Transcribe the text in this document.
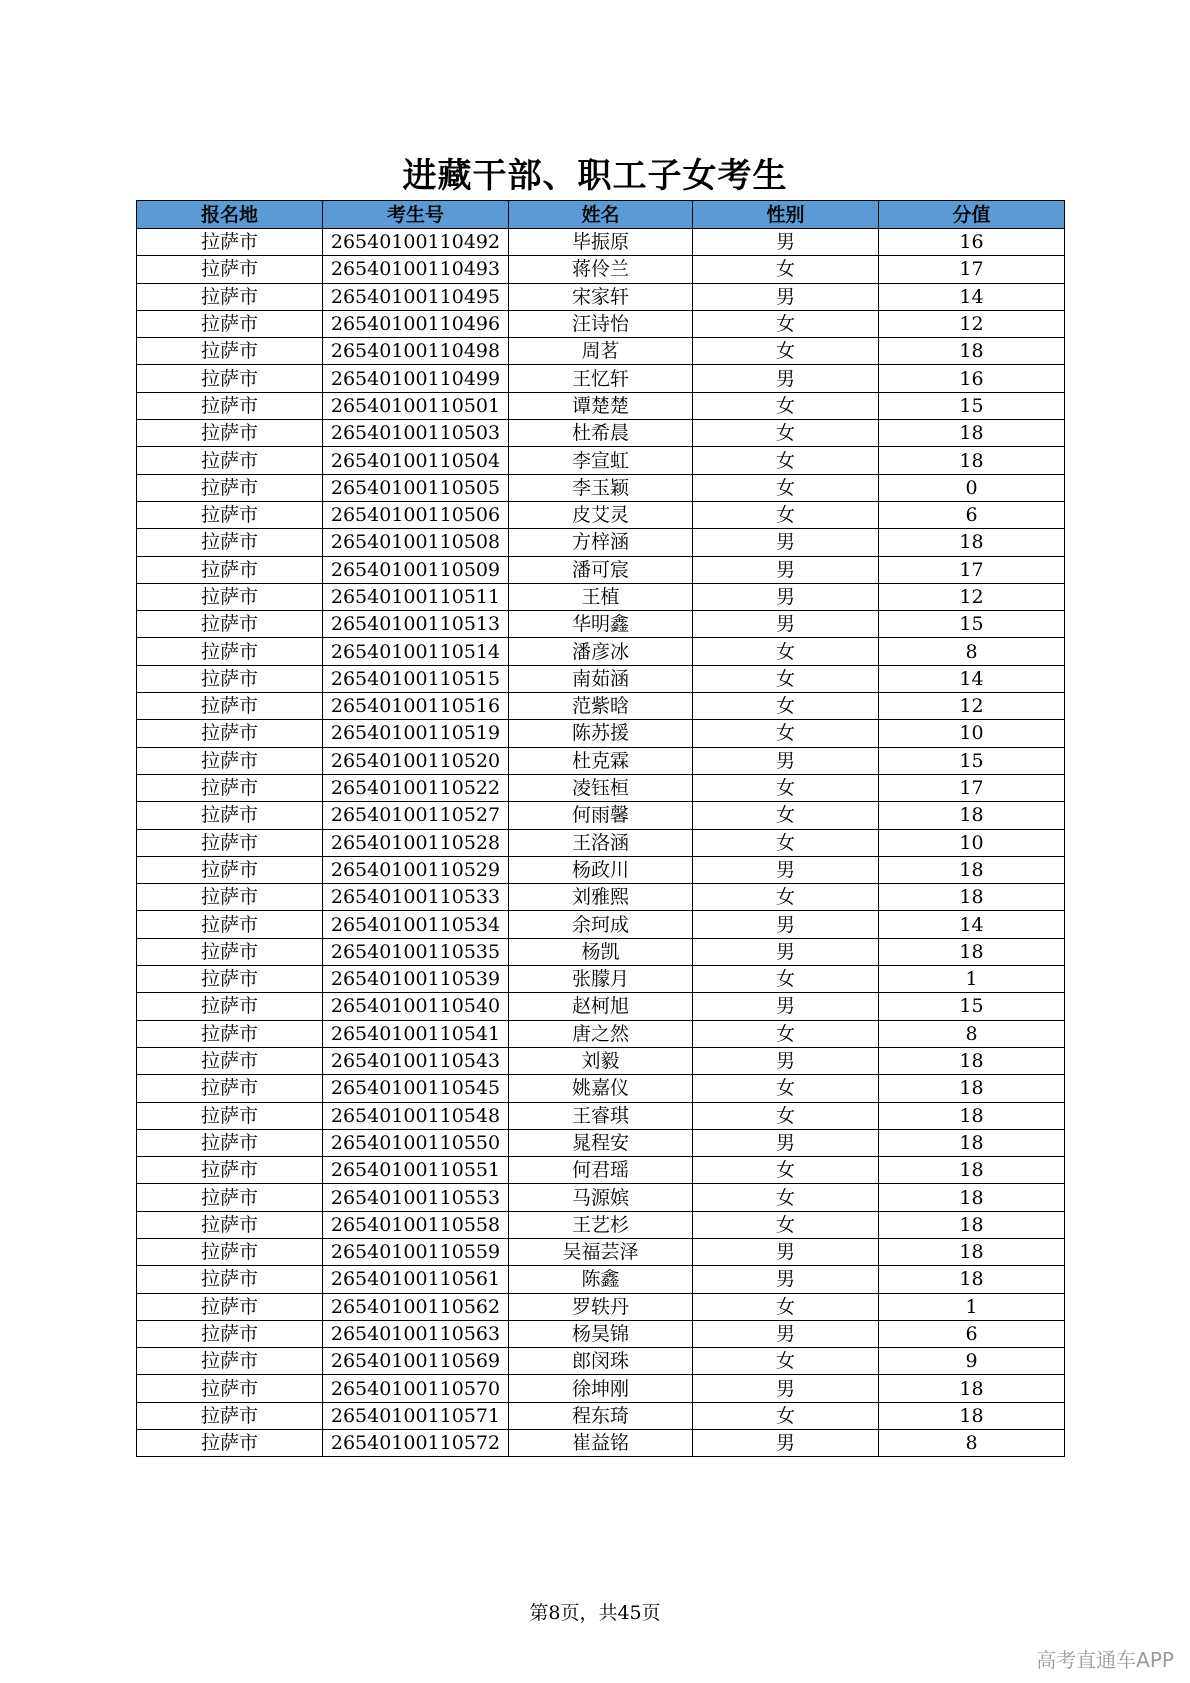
进藏干部、职工子女考生
报名地	考生号	姓名	性别	分值
拉萨市	26540100110492	毕振原	男	16
拉萨市	26540100110493	蒋伶兰	女	17
拉萨市	26540100110495	宋家轩	男	14
拉萨市	26540100110496	汪诗怡	女	12
拉萨市	26540100110498	周茗	女	18
拉萨市	26540100110499	王忆轩	男	16
拉萨市	26540100110501	谭楚楚	女	15
拉萨市	26540100110503	杜希晨	女	18
拉萨市	26540100110504	李宣虹	女	18
拉萨市	26540100110505	李玉颖	女	0
拉萨市	26540100110506	皮艾灵	女	6
拉萨市	26540100110508	方梓涵	男	18
拉萨市	26540100110509	潘可宸	男	17
拉萨市	26540100110511	王植	男	12
拉萨市	26540100110513	华明鑫	男	15
拉萨市	26540100110514	潘彦冰	女	8
拉萨市	26540100110515	南茹涵	女	14
拉萨市	26540100110516	范紫晗	女	12
拉萨市	26540100110519	陈苏援	女	10
拉萨市	26540100110520	杜克霖	男	15
拉萨市	26540100110522	凌钰桓	女	17
拉萨市	26540100110527	何雨馨	女	18
拉萨市	26540100110528	王洛涵	女	10
拉萨市	26540100110529	杨政川	男	18
拉萨市	26540100110533	刘雅熙	女	18
拉萨市	26540100110534	余珂成	男	14
拉萨市	26540100110535	杨凯	男	18
拉萨市	26540100110539	张朦月	女	1
拉萨市	26540100110540	赵柯旭	男	15
拉萨市	26540100110541	唐之然	女	8
拉萨市	26540100110543	刘毅	男	18
拉萨市	26540100110545	姚嘉仪	女	18
拉萨市	26540100110548	王睿琪	女	18
拉萨市	26540100110550	晁程安	男	18
拉萨市	26540100110551	何君瑶	女	18
拉萨市	26540100110553	马源嫔	女	18
拉萨市	26540100110558	王艺杉	女	18
拉萨市	26540100110559	吴福芸泽	男	18
拉萨市	26540100110561	陈鑫	男	18
拉萨市	26540100110562	罗轶丹	女	1
拉萨市	26540100110563	杨昊锦	男	6
拉萨市	26540100110569	郎闵珠	女	9
拉萨市	26540100110570	徐坤刚	男	18
拉萨市	26540100110571	程东琦	女	18
拉萨市	26540100110572	崔益铭	男	8
第8页，共45页
高考直通车APP
